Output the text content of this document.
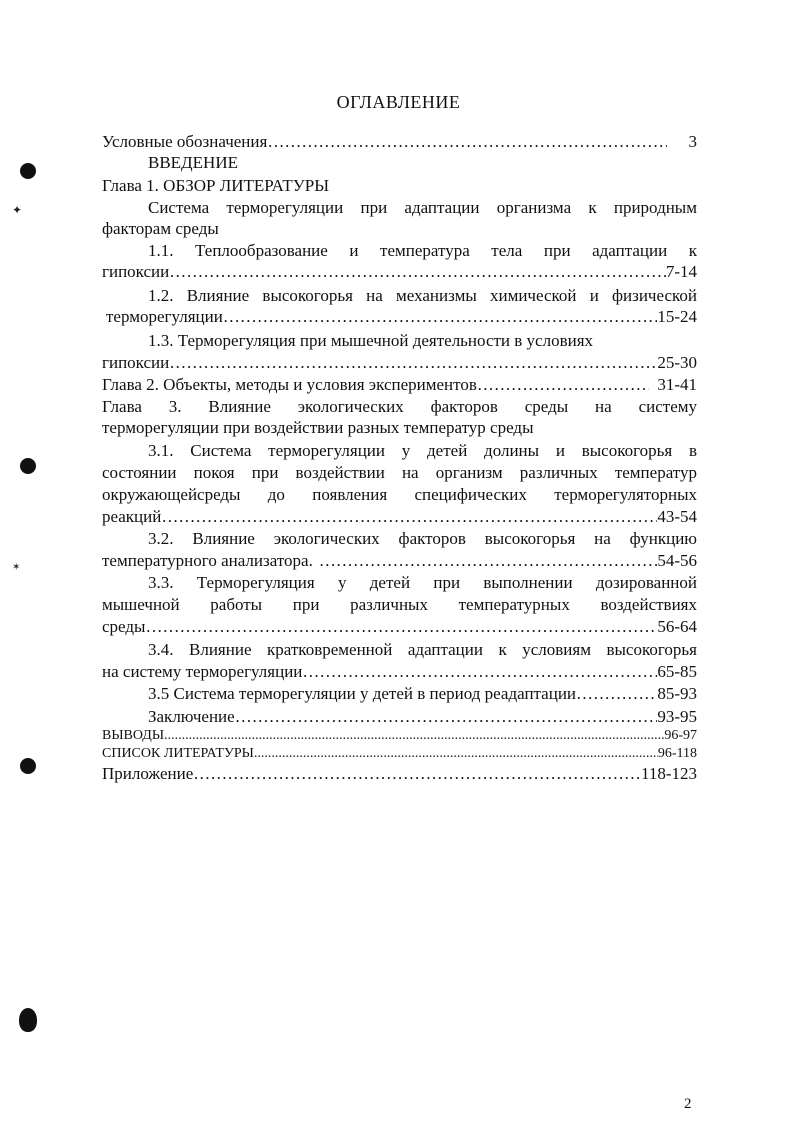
ОГЛАВЛЕНИЕ
Условные обозначения ……………………………………………………………………………………………………………………………………………………………	3
ВВЕДЕНИЕ
Глава 1. ОБЗОР ЛИТЕРАТУРЫ
Система терморегуляции при адаптации организма к природным
факторам среды
1.1. Теплообразование и температура тела при адаптации к
гипоксии ……………………………………………………………………………………………………………………………………………………………	7-14
1.2. Влияние высокогорья на механизмы химической и физической
терморегуляции ……………………………………………………………………………………………………………………………………………………………	15-24
1.3. Терморегуляция при мышечной деятельности в условиях
гипоксии ……………………………………………………………………………………………………………………………………………………………	25-30
Глава 2. Объекты, методы и условия экспериментов ……………………………………………………………………………………………………………………………………………………………	31-41
Глава 3. Влияние экологических факторов среды на систему
терморегуляции при воздействии разных температур среды
3.1. Система терморегуляции у детей долины и высокогорья в
состоянии покоя при воздействии на организм различных температур
окружающейсреды до появления специфических терморегуляторных
реакций ……………………………………………………………………………………………………………………………………………………………	43-54
3.2. Влияние экологических факторов высокогорья на функцию
температурного анализатора. ……………………………………………………………………………………………………………………………………………………………	54-56
3.3. Терморегуляция у детей при выполнении дозированной
мышечной работы при различных температурных воздействиях
среды ……………………………………………………………………………………………………………………………………………………………	56-64
3.4. Влияние кратковременной адаптации к условиям высокогорья
на систему терморегуляции ……………………………………………………………………………………………………………………………………………………………	65-85
3.5 Система терморегуляции у детей в период реадаптации ……………………………………………………………………………………………………………………………………………………………	85-93
Заключение ……………………………………………………………………………………………………………………………………………………………	93-95
ВЫВОДЫ .....	96-97
СПИСОК ЛИТЕРАТУРЫ .....	96-118
Приложение ……………………………………………………………………………………………………………………………………………………………	118-123
2
✦
✶
